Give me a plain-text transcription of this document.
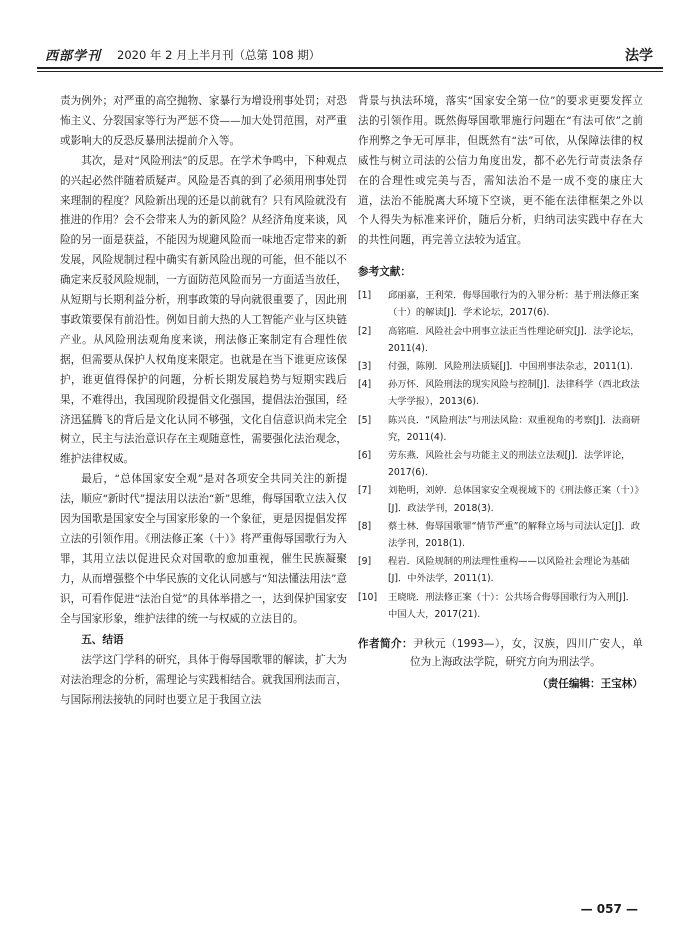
西部学刊 2020 年 2 月上半月刊（总第 108 期）	法学

责为例外；对严重的高空抛物、家暴行为增设刑事处罚；对恐怖主义、分裂国家等行为严惩不贷——加大处罚范围，对严重或影响大的反恐反暴刑法提前介入等。

其次，是对“风险刑法”的反思。在学术争鸣中，下种观点的兴起必然伴随着质疑声。风险是否真的到了必须用刑事处罚来理制的程度？风险新出现的还是以前就有？只有风险就没有推进的作用？会不会带来人为的新风险？从经济角度来谈，风险的另一面是获益，不能因为规避风险而一味地否定带来的新发展，风险规制过程中确实有新风险出现的可能，但不能以不确定来反驳风险规制，一方面防范风险而另一方面适当放任，从短期与长期利益分析，刑事政策的导向就很重要了，因此刑事政策要保有前沿性。例如目前大热的人工智能产业与区块链产业。从风险刑法观角度来谈，刑法修正案制定有合理性依据，但需要从保护人权角度来限定。也就是在当下谁更应该保护，谁更值得保护的问题，分析长期发展趋势与短期实践后果，不难得出，我国现阶段提倡文化强国，提倡法治强国，经济迅猛腾飞的背后是文化认同不够强，文化自信意识尚未完全树立，民主与法治意识存在主观随意性，需要强化法治观念，维护法律权威。

最后，“总体国家安全观”是对各项安全共同关注的新提法，顺应“新时代”提法用以法治“新”思维，侮辱国歌立法入仅因为国歌是国家安全与国家形象的一个象征，更是因提倡发挥立法的引领作用。《刑法修正案（十）》将严重侮辱国歌行为入罪，其用立法以促进民众对国歌的愈加重视，催生民族凝聚力，从而增强整个中华民族的文化认同感与“知法懂法用法”意识，可看作促进“法治自觉”的具体举措之一，达到保护国家安全与国家形象，维护法律的统一与权威的立法目的。

五、结语

法学这门学科的研究，具体于侮辱国歌罪的解读，扩大为对法治理念的分析，需理论与实践相结合。就我国刑法而言，与国际刑法接轨的同时也要立足于我国立法

背景与执法环境，落实“国家安全第一位”的要求更要发挥立法的引领作用。既然侮辱国歌罪施行问题在“有法可依”之前作刑弊之争无可厚非，但既然有“法”可依，从保障法律的权威性与树立司法的公信力角度出发，都不必先行苛责法条存在的合理性或完美与否，需知法治不是一成不变的康庄大道，法治不能脱离大环境下空谈，更不能在法律框架之外以个人得失为标准来评价，随后分析，归纳司法实践中存在大的共性问题，再完善立法较为适宜。

参考文献：
[1] 邱丽嘉，王利荣．侮辱国歌行为的入罪分析：基于刑法修正案（十）的解读[J]．学术论坛，2017(6).
[2] 高铭暄．风险社会中刑事立法正当性理论研究[J]．法学论坛，2011(4).
[3] 付强，陈刚．风险刑法质疑[J]．中国刑事法杂志，2011(1).
[4] 孙万怀．风险刑法的现实风险与控制[J]．法律科学（西北政法大学学报），2013(6).
[5] 陈兴良．“风险刑法”与刑法风险：双重视角的考察[J]．法商研究，2011(4).
[6] 劳东燕．风险社会与功能主义的刑法立法观[J]．法学评论，2017(6).
[7] 刘艳明，刘婷．总体国家安全观视域下的《刑法修正案（十）》[J]．政法学刊，2018(3).
[8] 蔡士林．侮辱国歌罪“情节严重”的解释立场与司法认定[J]．政法学刊，2018(1).
[9] 程岩．风险规制的刑法理性重构——以风险社会理论为基础[J]．中外法学，2011(1).
[10] 王晓晓．刑法修正案（十）：公共场合侮辱国歌行为入刑[J]．中国人大，2017(21).
作者简介：尹秋元（1993—），女，汉族，四川广安人，单位为上海政法学院，研究方向为刑法学。
（责任编辑：王宝林）
— 057 —
